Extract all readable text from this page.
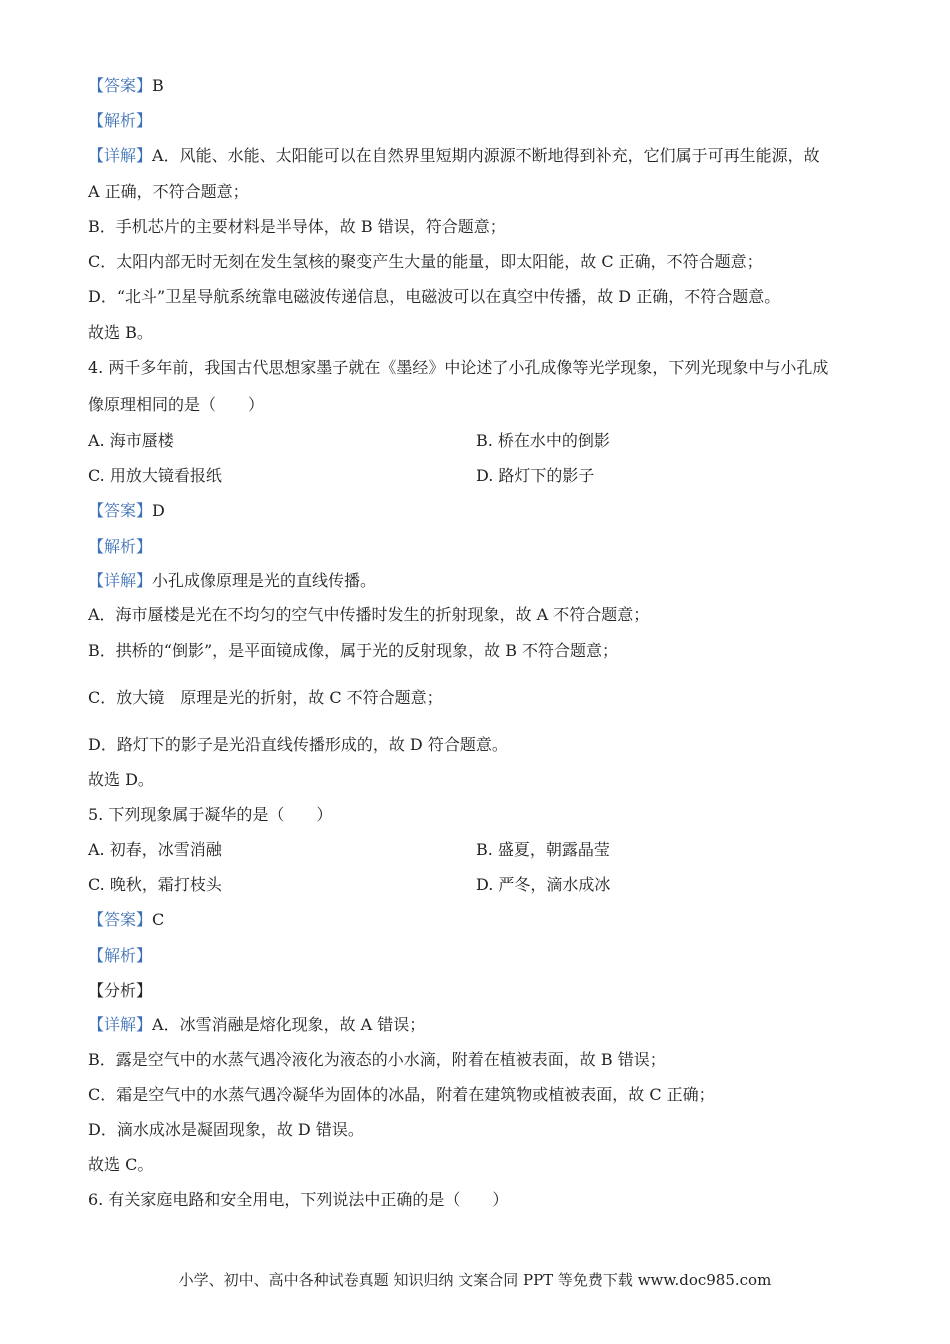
【答案】B
【解析】
【详解】A．风能、水能、太阳能可以在自然界里短期内源源不断地得到补充，它们属于可再生能源，故
A 正确，不符合题意；
B．手机芯片的主要材料是半导体，故 B 错误，符合题意；
C．太阳内部无时无刻在发生氢核的聚变产生大量的能量，即太阳能，故 C 正确，不符合题意；
D．“北斗”卫星导航系统靠电磁波传递信息，电磁波可以在真空中传播，故 D 正确，不符合题意。
故选 B。
4. 两千多年前，我国古代思想家墨子就在《墨经》中论述了小孔成像等光学现象，下列光现象中与小孔成
像原理相同的是（　　）
A. 海市蜃楼	B. 桥在水中的倒影
C. 用放大镜看报纸	D. 路灯下的影子
【答案】D
【解析】
【详解】小孔成像原理是光的直线传播。
A．海市蜃楼是光在不均匀的空气中传播时发生的折射现象，故 A 不符合题意；
B．拱桥的“倒影”，是平面镜成像，属于光的反射现象，故 B 不符合题意；
C．放大镜　原理是光的折射，故 C 不符合题意；
D．路灯下的影子是光沿直线传播形成的，故 D 符合题意。
故选 D。
5. 下列现象属于凝华的是（　　）
A. 初春，冰雪消融	B. 盛夏，朝露晶莹
C. 晚秋，霜打枝头	D. 严冬，滴水成冰
【答案】C
【解析】
【分析】
【详解】A．冰雪消融是熔化现象，故 A 错误；
B．露是空气中的水蒸气遇冷液化为液态的小水滴，附着在植被表面，故 B 错误；
C．霜是空气中的水蒸气遇冷凝华为固体的冰晶，附着在建筑物或植被表面，故 C 正确；
D．滴水成冰是凝固现象，故 D 错误。
故选 C。
6. 有关家庭电路和安全用电，下列说法中正确的是（　　）
小学、初中、高中各种试卷真题 知识归纳 文案合同 PPT 等免费下载 www.doc985.com
